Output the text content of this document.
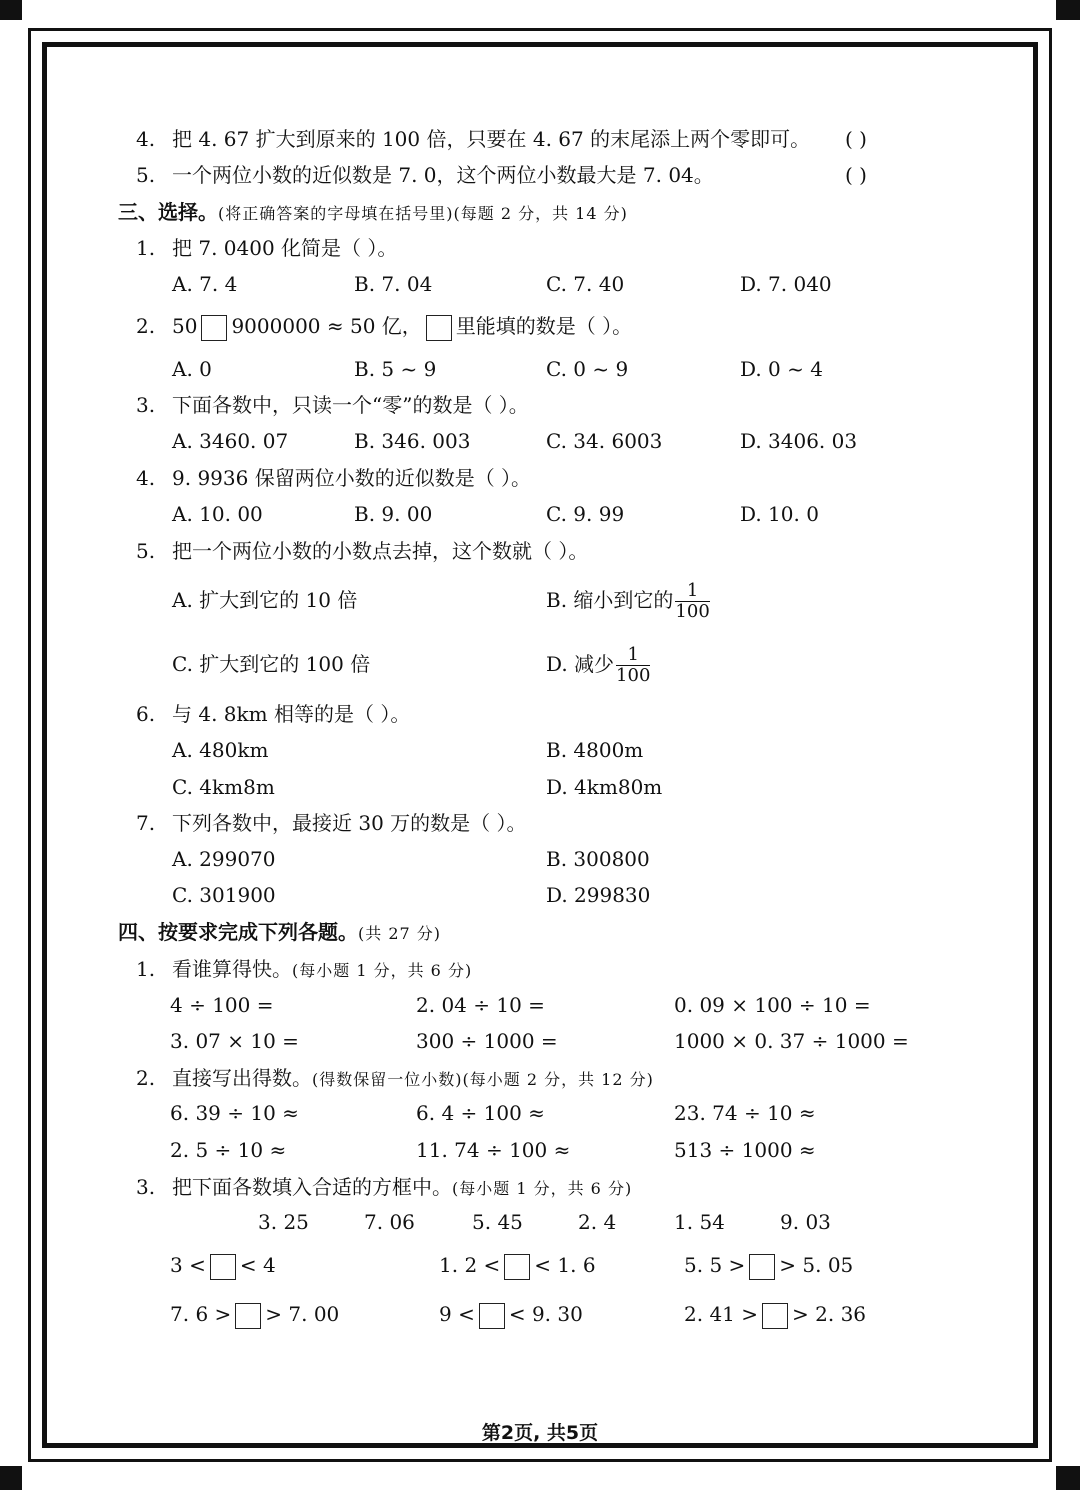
4. 把 4. 67 扩大到原来的 100 倍，只要在 4. 67 的末尾添上两个零即可。 ( )
5. 一个两位小数的近似数是 7. 0，这个两位小数最大是 7. 04。	( )
三、选择。(将正确答案的字母填在括号里)(每题 2 分，共 14 分)
1. 把 7. 0400 化简是（ ）。
A. 7. 4	B. 7. 04	C. 7. 40	D. 7. 040
2. 50 9000000 ≈ 50 亿， 里能填的数是（ ）。
A. 0	B. 5 ~ 9	C. 0 ~ 9	D. 0 ~ 4
3. 下面各数中，只读一个“零”的数是（ ）。
A. 3460. 07	B. 346. 003	C. 34. 6003	D. 3406. 03
4. 9. 9936 保留两位小数的近似数是（ ）。
A. 10. 00	B. 9. 00	C. 9. 99	D. 10. 0
5. 把一个两位小数的小数点去掉，这个数就（ ）。
A. 扩大到它的 10 倍	B. 缩小到它的 $\frac{1}{100}$
C. 扩大到它的 100 倍	D. 减少 $\frac{1}{100}$
6. 与 4. 8km 相等的是（ ）。
A. 480km	B. 4800m
C. 4km8m	D. 4km80m
7. 下列各数中，最接近 30 万的数是（ ）。
A. 299070	B. 300800
C. 301900	D. 299830
四、按要求完成下列各题。(共 27 分)
1. 看谁算得快。(每小题 1 分，共 6 分)
4 ÷ 100 =	2. 04 ÷ 10 =	0. 09 × 100 ÷ 10 =
3. 07 × 10 =	300 ÷ 1000 =	1000 × 0. 37 ÷ 1000 =
2. 直接写出得数。(得数保留一位小数)(每小题 2 分，共 12 分)
6. 39 ÷ 10 ≈	6. 4 ÷ 100 ≈	23. 74 ÷ 10 ≈
2. 5 ÷ 10 ≈	11. 74 ÷ 100 ≈	513 ÷ 1000 ≈
3. 把下面各数填入合适的方框中。(每小题 1 分，共 6 分)
3. 25	7. 06	5. 45	2. 4	1. 54	9. 03
3 < < 4	1. 2 < < 1. 6	5. 5 > > 5. 05
7. 6 > > 7. 00	9 < < 9. 30	2. 41 > > 2. 36
第2页, 共5页
